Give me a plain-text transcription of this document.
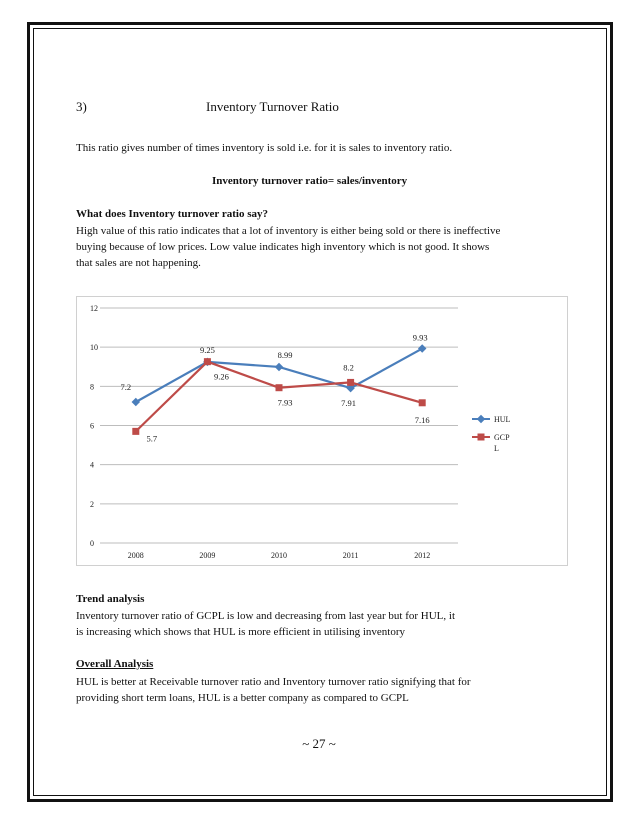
3)	Inventory Turnover Ratio
This ratio gives number of times inventory is sold i.e. for it is sales to inventory ratio.
Inventory turnover ratio= sales/inventory
What does Inventory turnover ratio say?
High value of this ratio indicates that a lot of inventory is either being sold or there is ineffective
buying because of low prices. Low value indicates high inventory which is not good. It shows
that sales are not happening.
0
2
4
6
8
10
12
2008	2009	2010	2011	2012
7.2
9.25
8.99
7.91
9.93
5.7
9.26
7.93
8.2
7.16	HUL
GCP
L
Trend analysis
Inventory turnover ratio of GCPL is low and decreasing from last year but for HUL, it
is increasing which shows that HUL is more efficient in utilising inventory
Overall Analysis
HUL is better at Receivable turnover ratio and Inventory turnover ratio signifying that for
providing short term loans, HUL is a better company as compared to GCPL
~ 27 ~
